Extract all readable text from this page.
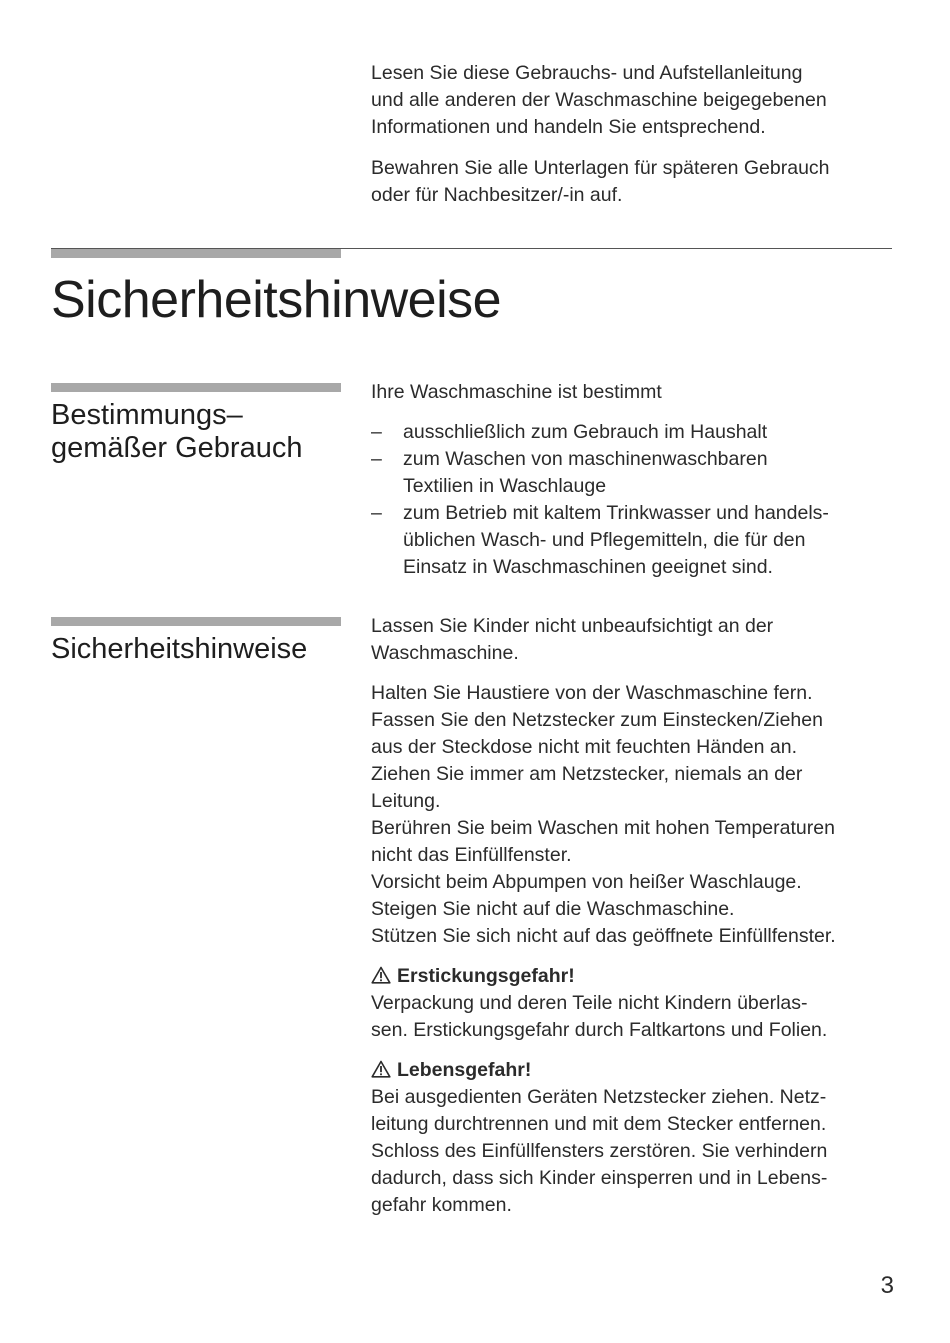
Lesen Sie diese Gebrauchs- und Aufstellanleitung
und alle anderen der Waschmaschine beigegebenen
Informationen und handeln Sie entsprechend.

Bewahren Sie alle Unterlagen für späteren Gebrauch
oder für Nachbesitzer/-in auf.

Sicherheitshinweise
Bestimmungs–
gemäßer Gebrauch

Ihre Waschmaschine ist bestimmt

– ausschließlich zum Gebrauch im Haushalt
– zum Waschen von maschinenwaschbaren
Textilien in Waschlauge
– zum Betrieb mit kaltem Trinkwasser und handels-
üblichen Wasch- und Pflegemitteln, die für den
Einsatz in Waschmaschinen geeignet sind.
Sicherheitshinweise

Lassen Sie Kinder nicht unbeaufsichtigt an der
Waschmaschine.

Halten Sie Haustiere von der Waschmaschine fern.
Fassen Sie den Netzstecker zum Einstecken/Ziehen
aus der Steckdose nicht mit feuchten Händen an.
Ziehen Sie immer am Netzstecker, niemals an der
Leitung.
Berühren Sie beim Waschen mit hohen Temperaturen
nicht das Einfüllfenster.
Vorsicht beim Abpumpen von heißer Waschlauge.
Steigen Sie nicht auf die Waschmaschine.
Stützen Sie sich nicht auf das geöffnete Einfüllfenster.

Erstickungsgefahr!

Verpackung und deren Teile nicht Kindern überlas-
sen. Erstickungsgefahr durch Faltkartons und Folien.

Lebensgefahr!

Bei ausgedienten Geräten Netzstecker ziehen. Netz-
leitung durchtrennen und mit dem Stecker entfernen.
Schloss des Einfüllfensters zerstören. Sie verhindern
dadurch, dass sich Kinder einsperren und in Lebens-
gefahr kommen.

3
